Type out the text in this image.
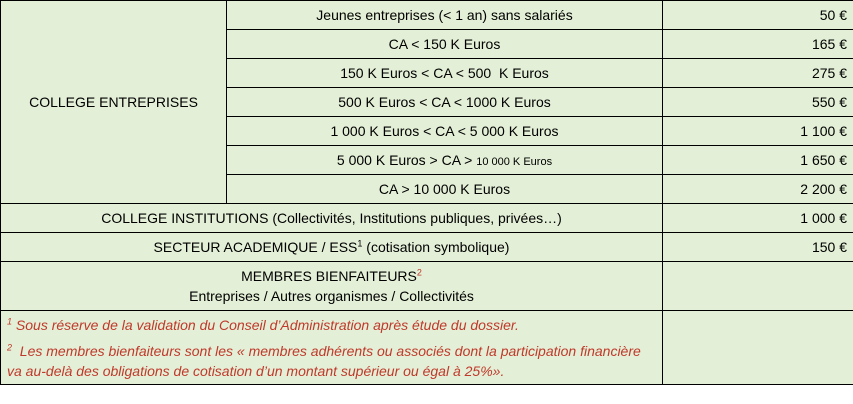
COLLEGE ENTREPRISES	Jeunes entreprises (< 1 an) sans salariés	50 €
	CA < 150 K Euros	165 €
	150 K Euros < CA < 500  K Euros	275 €
	500 K Euros < CA < 1000 K Euros	550 €
	1 000 K Euros < CA < 5 000 K Euros	1 100 €
	5 000 K Euros > CA > 10 000 K Euros	1 650 €
	CA > 10 000 K Euros	2 200 €
COLLEGE INSTITUTIONS (Collectivités, Institutions publiques, privées…)		1 000 €
SECTEUR ACADEMIQUE / ESS$^1$ (cotisation symbolique)		150 €
MEMBRES BIENFAITEURS$^2$
Entreprises / Autres organismes / Collectivités		

$^1$ Sous réserve de la validation du Conseil d’Administration après étude du dossier.

$^2$  Les membres bienfaiteurs sont les « membres adhérents ou associés dont la participation financière va au-delà des obligations de cotisation d’un montant supérieur ou égal à 25%».		
